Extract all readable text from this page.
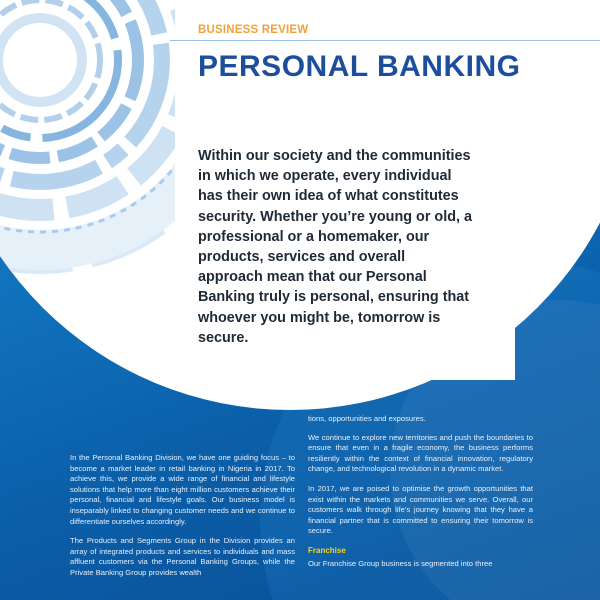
BUSINESS REVIEW
PERSONAL BANKING
Within our society and the communities in which we operate, every individual has their own idea of what constitutes security. Whether you’re young or old, a professional or a homemaker, our products, services and overall approach mean that our Personal Banking truly is personal, ensuring that whoever you might be, tomorrow is secure.

In the Personal Banking Division, we have one guiding focus – to become a market leader in retail banking in Nigeria in 2017. To achieve this, we provide a wide range of financial and lifestyle solutions that help more than eight million customers achieve their personal, financial and lifestyle goals. Our business model is inseparably linked to changing customer needs and we continue to differentiate ourselves accordingly.

The Products and Segments Group in the Division provides an array of integrated products and services to individuals and mass affluent customers via the Personal Banking Groups, while the Private Banking Group provides wealth

tions, opportunities and exposures.

We continue to explore new territories and push the boundaries to ensure that even in a fragile economy, the business performs resiliently within the context of financial innovation, regulatory change, and technological revolution in a dynamic market.

In 2017, we are poised to optimise the growth opportunities that exist within the markets and communities we serve. Overall, our customers walk through life’s journey knowing that they have a financial partner that is committed to ensuring their tomorrow is secure.

Franchise

Our Franchise Group business is segmented into three
